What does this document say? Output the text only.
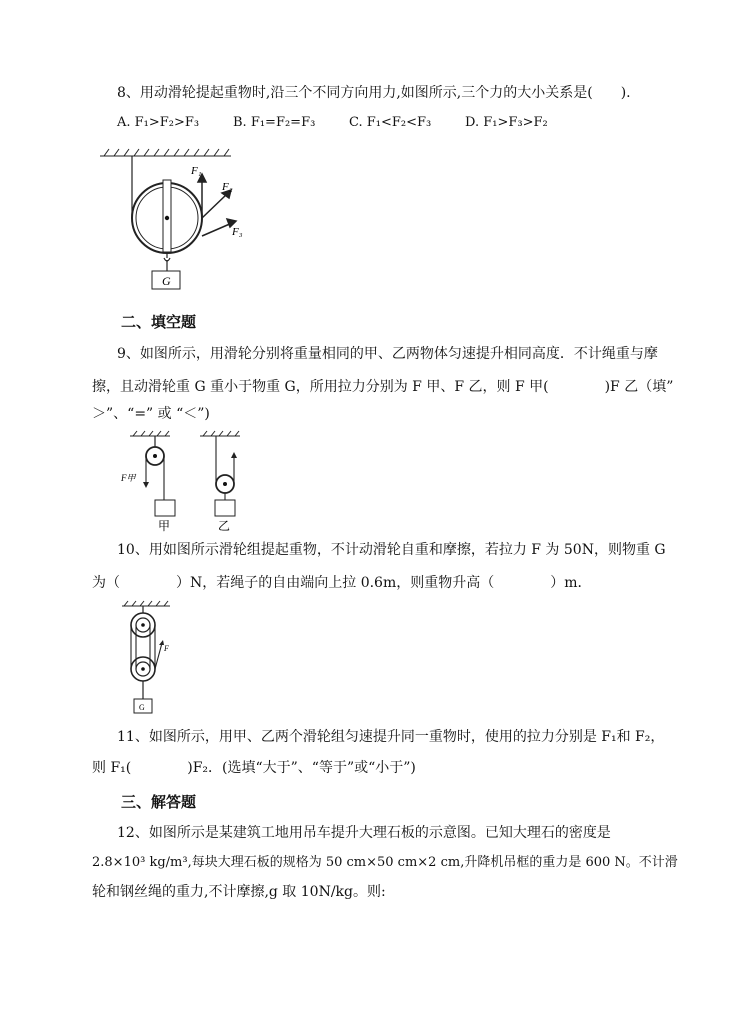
8、用动滑轮提起重物时,沿三个不同方向用力,如图所示,三个力的大小关系是(　　).
A. F₁>F₂>F₃	B. F₁=F₂=F₃	C. F₁<F₂<F₃	D. F₁>F₃>F₂
G
F₁
F₂
F₃
二、填空题
9、如图所示，用滑轮分别将重量相同的甲、乙两物体匀速提升相同高度．不计绳重与摩
擦，且动滑轮重 G 重小于物重 G，所用拉力分别为 F 甲、F 乙，则 F 甲(　　　　)F 乙（填”
＞”、“=” 或 “＜”)
F甲
甲	乙
10、用如图所示滑轮组提起重物，不计动滑轮自重和摩擦，若拉力 F 为 50N，则物重 G
为（　　　　）N，若绳子的自由端向上拉 0.6m，则重物升高（　　　　）m．
F
G
11、如图所示，用甲、乙两个滑轮组匀速提升同一重物时，使用的拉力分别是 F₁和 F₂，
则 F₁(　　　　)F₂．(选填“大于”、“等于”或“小于”)
三、解答题
12、如图所示是某建筑工地用吊车提升大理石板的示意图。已知大理石的密度是
2.8×10³ kg/m³,每块大理石板的规格为 50 cm×50 cm×2 cm,升降机吊框的重力是 600 N。不计滑
轮和钢丝绳的重力,不计摩擦,g 取 10N/kg。则:
